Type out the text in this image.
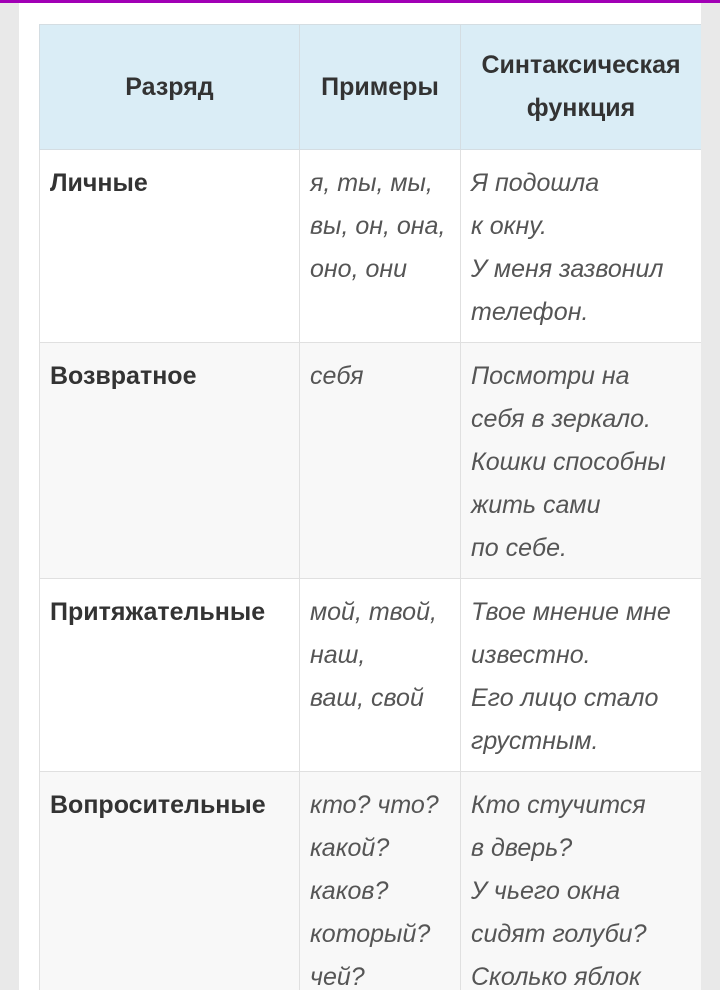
Разряд	Примеры	Синтаксическая функция
Личные	я, ты, мы,
вы, он, она,
оно, они	Я подошла
к окну.
У меня зазвонил
телефон.

Возвратное	себя	Посмотри на
себя в зеркало.
Кошки способны
жить сами
по себе.

Притяжательные	мой, твой,
наш,
ваш, свой	Твое мнение мне
известно.
Его лицо стало
грустным.

Вопросительные	кто? что?
какой?
каков?
который?
чей?	Кто стучится
в дверь?
У чьего окна
сидят голуби?
Сколько яблок
